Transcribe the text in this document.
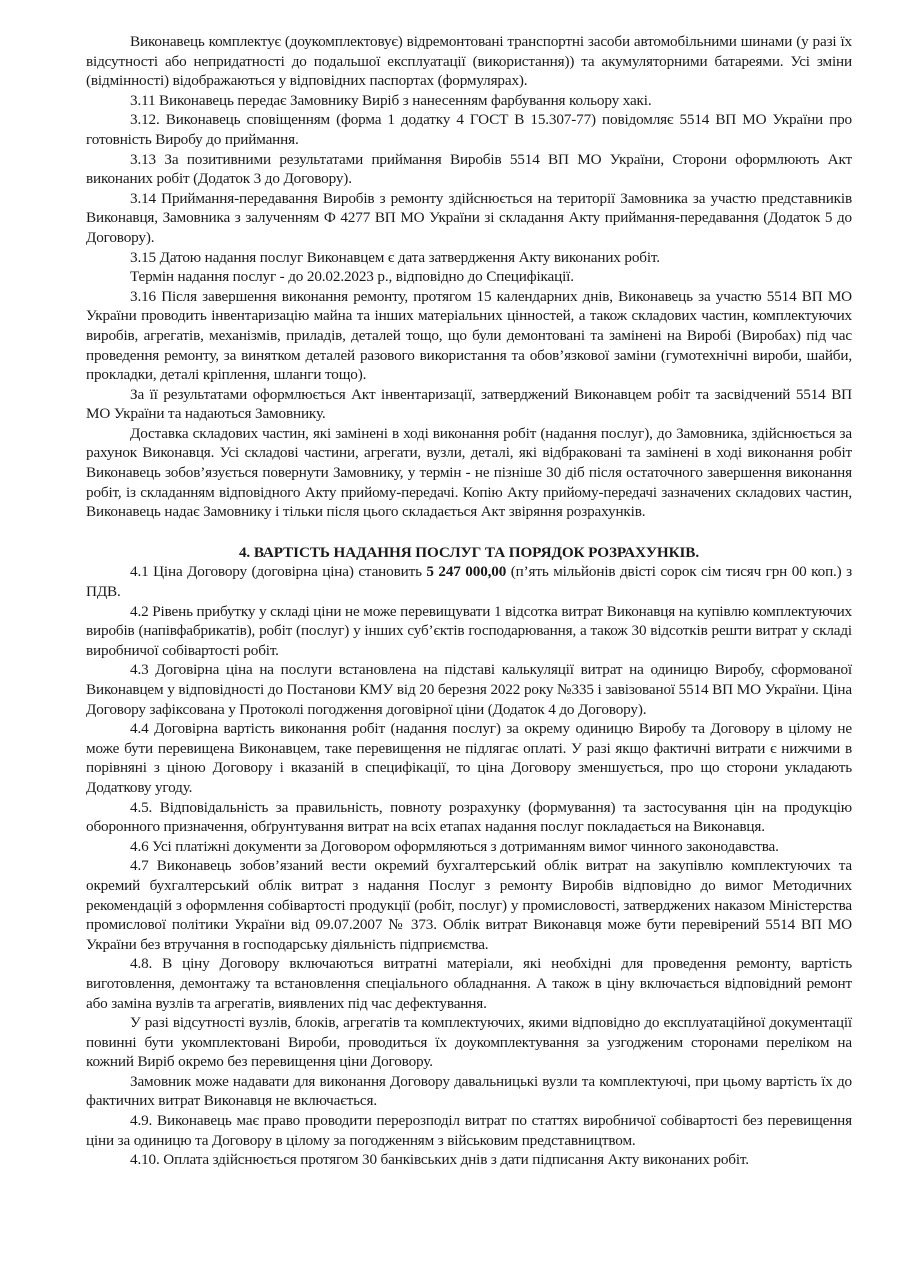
Виконавець комплектує (доукомплектовує) відремонтовані транспортні засоби автомобільними шинами (у разі їх відсутності або непридатності до подальшої експлуатації (використання)) та акумуляторними батареями. Усі зміни (відмінності) відображаються у відповідних паспортах (формулярах).

3.11 Виконавець передає Замовнику Виріб з нанесенням фарбування кольору хакі.

3.12. Виконавець сповіщенням (форма 1 додатку 4 ГОСТ В 15.307-77) повідомляє 5514 ВП МО України про готовність Виробу до приймання.

3.13 За позитивними результатами приймання Виробів 5514 ВП МО України, Сторони оформлюють Акт виконаних робіт (Додаток 3 до Договору).

3.14 Приймання-передавання Виробів з ремонту здійснюється на території Замовника за участю представників Виконавця, Замовника з залученням Ф 4277 ВП МО України зі складання Акту приймання-передавання (Додаток 5 до Договору).

3.15 Датою надання послуг Виконавцем є дата затвердження Акту виконаних робіт.

Термін надання послуг - до 20.02.2023 р., відповідно до Специфікації.

3.16 Після завершення виконання ремонту, протягом 15 календарних днів, Виконавець за участю 5514 ВП МО України проводить інвентаризацію майна та інших матеріальних цінностей, а також складових частин, комплектуючих виробів, агрегатів, механізмів, приладів, деталей тощо, що були демонтовані та замінені на Виробі (Виробах) під час проведення ремонту, за винятком деталей разового використання та обов’язкової заміни (гумотехнічні вироби, шайби, прокладки, деталі кріплення, шланги тощо).

За її результатами оформлюється Акт інвентаризації, затверджений Виконавцем робіт та засвідчений 5514 ВП МО України та надаються Замовнику.

Доставка складових частин, які замінені в ході виконання робіт (надання послуг), до Замовника, здійснюється за рахунок Виконавця. Усі складові частини, агрегати, вузли, деталі, які відбраковані та замінені в ході виконання робіт Виконавець зобов’язується повернути Замовнику, у термін - не пізніше 30 діб після остаточного завершення виконання робіт, із складанням відповідного Акту прийому-передачі. Копію Акту прийому-передачі зазначених складових частин, Виконавець надає Замовнику і тільки після цього складається Акт звіряння розрахунків.

4. ВАРТІСТЬ НАДАННЯ ПОСЛУГ ТА ПОРЯДОК РОЗРАХУНКІВ.

4.1 Ціна Договору (договірна ціна) становить 5 247 000,00 (п’ять мільйонів двісті сорок сім тисяч грн 00 коп.) з ПДВ.

4.2 Рівень прибутку у складі ціни не може перевищувати 1 відсотка витрат Виконавця на купівлю комплектуючих виробів (напівфабрикатів), робіт (послуг) у інших суб’єктів господарювання, а також 30 відсотків решти витрат у складі виробничої собівартості робіт.

4.3 Договірна ціна на послуги встановлена на підставі калькуляції витрат на одиницю Виробу, сформованої Виконавцем у відповідності до Постанови КМУ від 20 березня 2022 року №335 і завізованої 5514 ВП МО України. Ціна Договору зафіксована у Протоколі погодження договірної ціни (Додаток 4 до Договору).

4.4 Договірна вартість виконання робіт (надання послуг) за окрему одиницю Виробу та Договору в цілому не може бути перевищена Виконавцем, таке перевищення не підлягає оплаті. У разі якщо фактичні витрати є нижчими в порівняні з ціною Договору і вказаній в специфікації, то ціна Договору зменшується, про що сторони укладають Додаткову угоду.

4.5. Відповідальність за правильність, повноту розрахунку (формування) та застосування цін на продукцію оборонного призначення, обґрунтування витрат на всіх етапах надання послуг покладається на Виконавця.

4.6 Усі платіжні документи за Договором оформляються з дотриманням вимог чинного законодавства.

4.7 Виконавець зобов’язаний вести окремий бухгалтерський облік витрат на закупівлю комплектуючих та окремий бухгалтерський облік витрат з надання Послуг з ремонту Виробів відповідно до вимог Методичних рекомендацій з оформлення собівартості продукції (робіт, послуг) у промисловості, затверджених наказом Міністерства промислової політики України від 09.07.2007 № 373. Облік витрат Виконавця може бути перевірений 5514 ВП МО України без втручання в господарську діяльність підприємства.

4.8. В ціну Договору включаються витратні матеріали, які необхідні для проведення ремонту, вартість виготовлення, демонтажу та встановлення спеціального обладнання. А також в ціну включається відповідний ремонт або заміна вузлів та агрегатів, виявлених під час дефектування.

У разі відсутності вузлів, блоків, агрегатів та комплектуючих, якими відповідно до експлуатаційної документації повинні бути укомплектовані Вироби, проводиться їх доукомплектування за узгодженим сторонами переліком на кожний Виріб окремо без перевищення ціни Договору.

Замовник може надавати для виконання Договору давальницькі вузли та комплектуючі, при цьому вартість їх до фактичних витрат Виконавця не включається.

4.9. Виконавець має право проводити перерозподіл витрат по статтях виробничої собівартості без перевищення ціни за одиницю та Договору в цілому за погодженням з військовим представництвом.

4.10. Оплата здійснюється протягом 30 банківських днів з дати підписання Акту виконаних робіт.
